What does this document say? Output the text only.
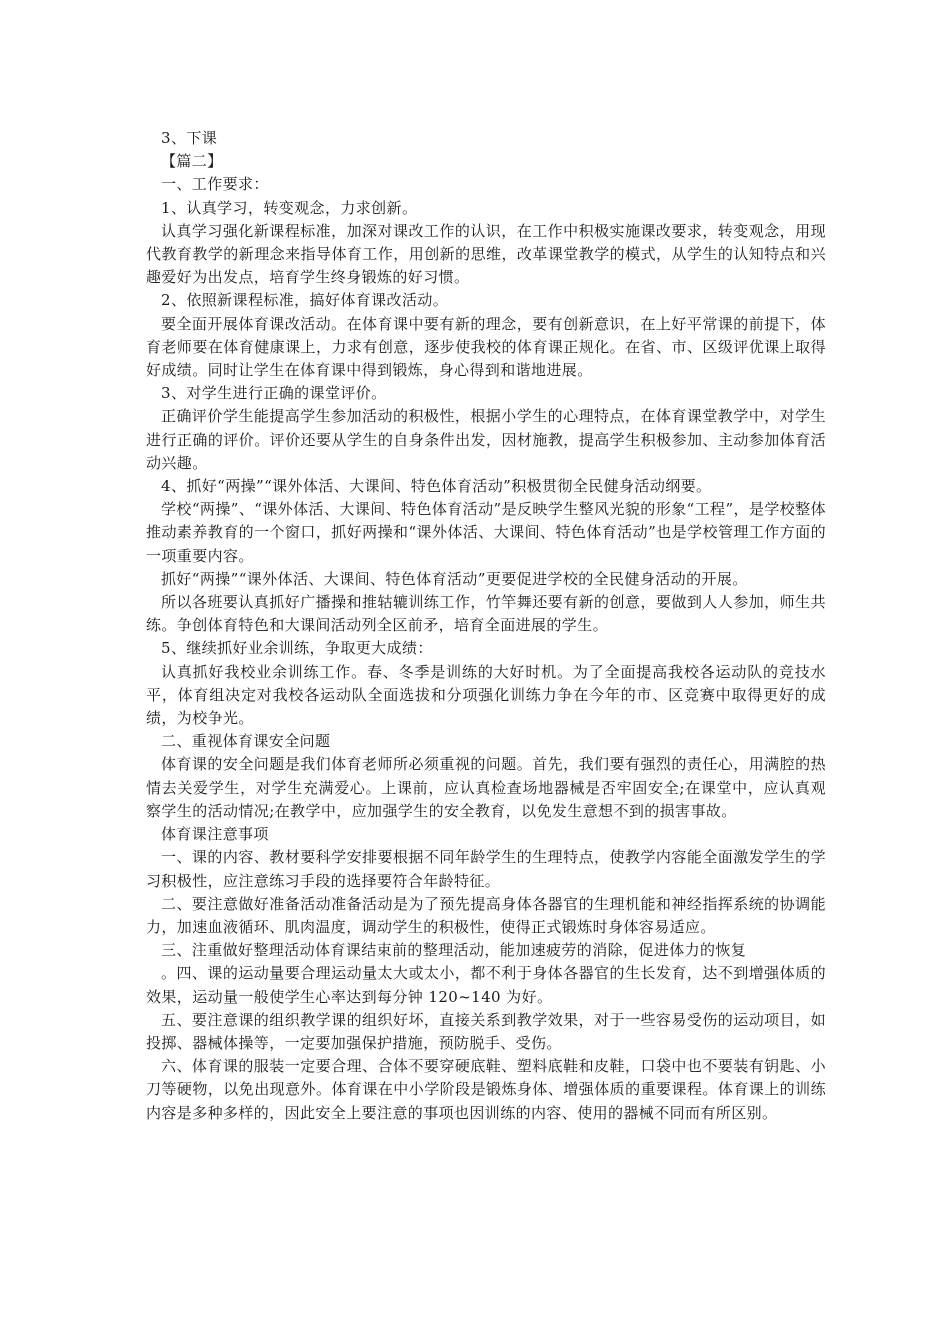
3、下课

【篇二】

一、工作要求：

1、认真学习，转变观念，力求创新。

认真学习强化新课程标准，加深对课改工作的认识，在工作中积极实施课改要求，转变观念，用现代教育教学的新理念来指导体育工作，用创新的思维，改革课堂教学的模式，从学生的认知特点和兴趣爱好为出发点，培育学生终身锻炼的好习惯。

2、依照新课程标准，搞好体育课改活动。

要全面开展体育课改活动。在体育课中要有新的理念，要有创新意识，在上好平常课的前提下，体育老师要在体育健康课上，力求有创意，逐步使我校的体育课正规化。在省、市、区级评优课上取得好成绩。同时让学生在体育课中得到锻炼，身心得到和谐地进展。

3、对学生进行正确的课堂评价。

正确评价学生能提高学生参加活动的积极性，根据小学生的心理特点，在体育课堂教学中，对学生进行正确的评价。评价还要从学生的自身条件出发，因材施教，提高学生积极参加、主动参加体育活动兴趣。

4、抓好“两操”“课外体活、大课间、特色体育活动”积极贯彻全民健身活动纲要。

学校“两操”、“课外体活、大课间、特色体育活动”是反映学生整风光貌的形象“工程”，是学校整体推动素养教育的一个窗口，抓好两操和“课外体活、大课间、特色体育活动”也是学校管理工作方面的一项重要内容。

抓好“两操”“课外体活、大课间、特色体育活动”更要促进学校的全民健身活动的开展。

所以各班要认真抓好广播操和推轱辘训练工作，竹竿舞还要有新的创意，要做到人人参加，师生共练。争创体育特色和大课间活动列全区前矛，培育全面进展的学生。

5、继续抓好业余训练，争取更大成绩：

认真抓好我校业余训练工作。春、冬季是训练的大好时机。为了全面提高我校各运动队的竞技水平，体育组决定对我校各运动队全面选拔和分项强化训练力争在今年的市、区竞赛中取得更好的成绩，为校争光。

二、重视体育课安全问题

体育课的安全问题是我们体育老师所必须重视的问题。首先，我们要有强烈的责任心，用满腔的热情去关爱学生，对学生充满爱心。上课前，应认真检查场地器械是否牢固安全;在课堂中，应认真观察学生的活动情况;在教学中，应加强学生的安全教育，以免发生意想不到的损害事故。

体育课注意事项

一、课的内容、教材要科学安排要根据不同年龄学生的生理特点，使教学内容能全面激发学生的学习积极性，应注意练习手段的选择要符合年龄特征。

二、要注意做好准备活动准备活动是为了预先提高身体各器官的生理机能和神经指挥系统的协调能力，加速血液循环、肌肉温度，调动学生的积极性，使得正式锻炼时身体容易适应。

三、注重做好整理活动体育课结束前的整理活动，能加速疲劳的消除，促进体力的恢复

。四、课的运动量要合理运动量太大或太小，都不利于身体各器官的生长发育，达不到增强体质的效果，运动量一般使学生心率达到每分钟 120~140 为好。

五、要注意课的组织教学课的组织好坏，直接关系到教学效果，对于一些容易受伤的运动项目，如投掷、器械体操等，一定要加强保护措施，预防脱手、受伤。

六、体育课的服装一定要合理、合体不要穿硬底鞋、塑料底鞋和皮鞋，口袋中也不要装有钥匙、小刀等硬物，以免出现意外。体育课在中小学阶段是锻炼身体、增强体质的重要课程。体育课上的训练内容是多种多样的，因此安全上要注意的事项也因训练的内容、使用的器械不同而有所区别。
